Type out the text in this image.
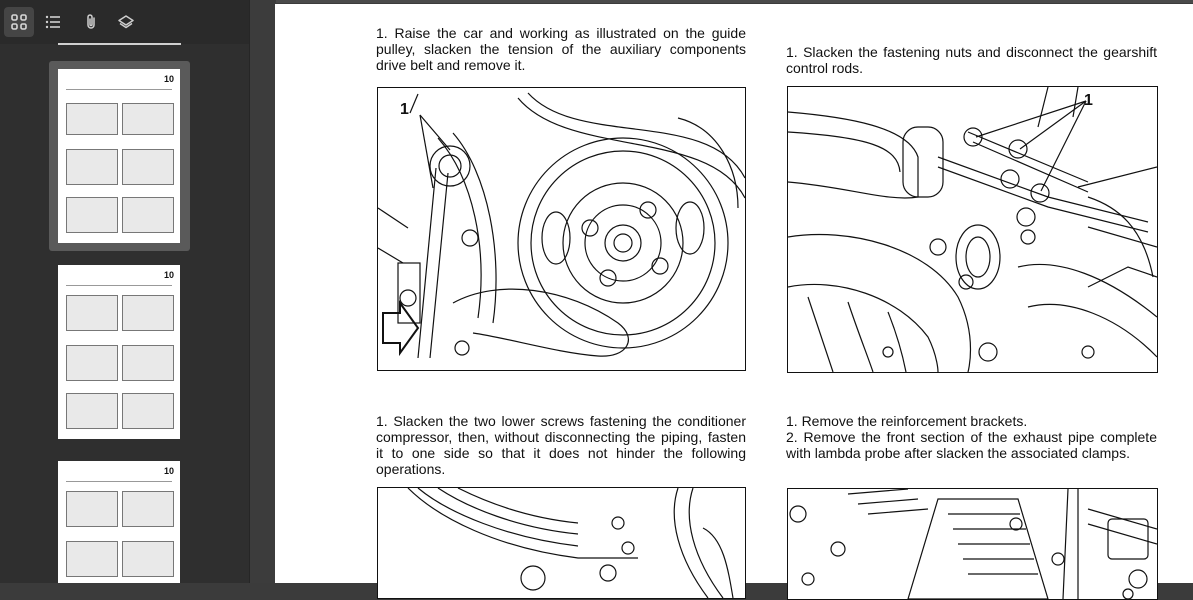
10
10
10
1. Raise the car and working as illustrated on the guide pulley, slacken the tension of the auxiliary components drive belt and remove it.
1. Slacken the fastening nuts and disconnect the gearshift control rods.
1
1
1. Slacken the two lower screws fastening the conditioner compressor, then, without disconnecting the piping, fasten it to one side so that it does not hinder the following operations.
1. Remove the reinforcement brackets.
2. Remove the front section of the exhaust pipe complete with lambda probe after slacken the associated clamps.
